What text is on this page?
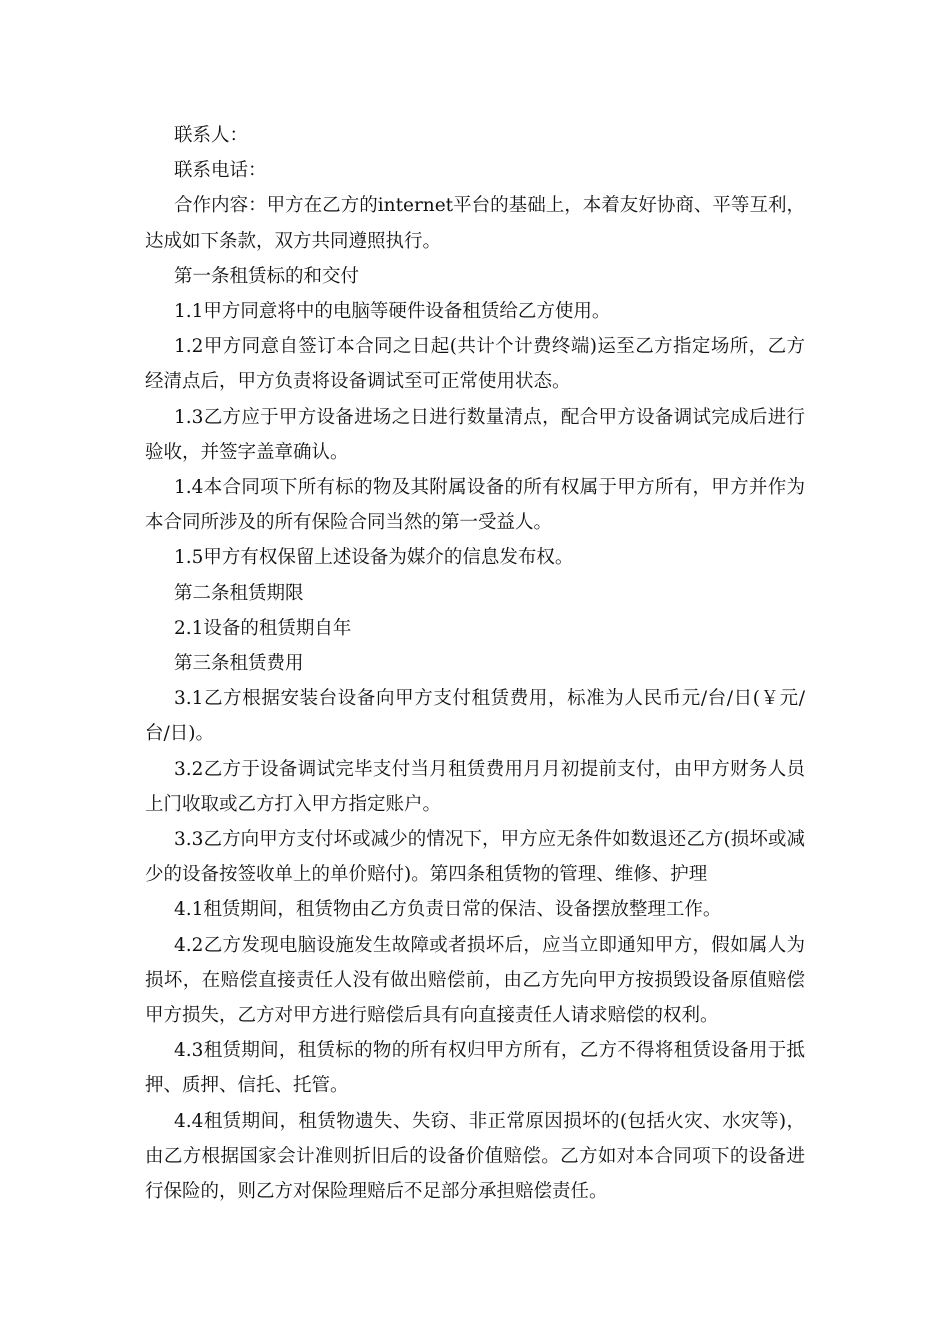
联系人：

联系电话：

合作内容：甲方在乙方的internet平台的基础上，本着友好协商、平等互利，达成如下条款，双方共同遵照执行。

第一条租赁标的和交付

1.1甲方同意将中的电脑等硬件设备租赁给乙方使用。

1.2甲方同意自签订本合同之日起(共计个计费终端)运至乙方指定场所，乙方经清点后，甲方负责将设备调试至可正常使用状态。

1.3乙方应于甲方设备进场之日进行数量清点，配合甲方设备调试完成后进行验收，并签字盖章确认。

1.4本合同项下所有标的物及其附属设备的所有权属于甲方所有，甲方并作为本合同所涉及的所有保险合同当然的第一受益人。

1.5甲方有权保留上述设备为媒介的信息发布权。

第二条租赁期限

2.1设备的租赁期自年

第三条租赁费用

3.1乙方根据安装台设备向甲方支付租赁费用，标准为人民币元/台/日(￥元/台/日)。

3.2乙方于设备调试完毕支付当月租赁费用月月初提前支付，由甲方财务人员上门收取或乙方打入甲方指定账户。

3.3乙方向甲方支付坏或减少的情况下，甲方应无条件如数退还乙方(损坏或减少的设备按签收单上的单价赔付)。第四条租赁物的管理、维修、护理

4.1租赁期间，租赁物由乙方负责日常的保洁、设备摆放整理工作。

4.2乙方发现电脑设施发生故障或者损坏后，应当立即通知甲方，假如属人为损坏，在赔偿直接责任人没有做出赔偿前，由乙方先向甲方按损毁设备原值赔偿甲方损失，乙方对甲方进行赔偿后具有向直接责任人请求赔偿的权利。

4.3租赁期间，租赁标的物的所有权归甲方所有，乙方不得将租赁设备用于抵押、质押、信托、托管。

4.4租赁期间，租赁物遗失、失窃、非正常原因损坏的(包括火灾、水灾等)，由乙方根据国家会计准则折旧后的设备价值赔偿。乙方如对本合同项下的设备进行保险的，则乙方对保险理赔后不足部分承担赔偿责任。
